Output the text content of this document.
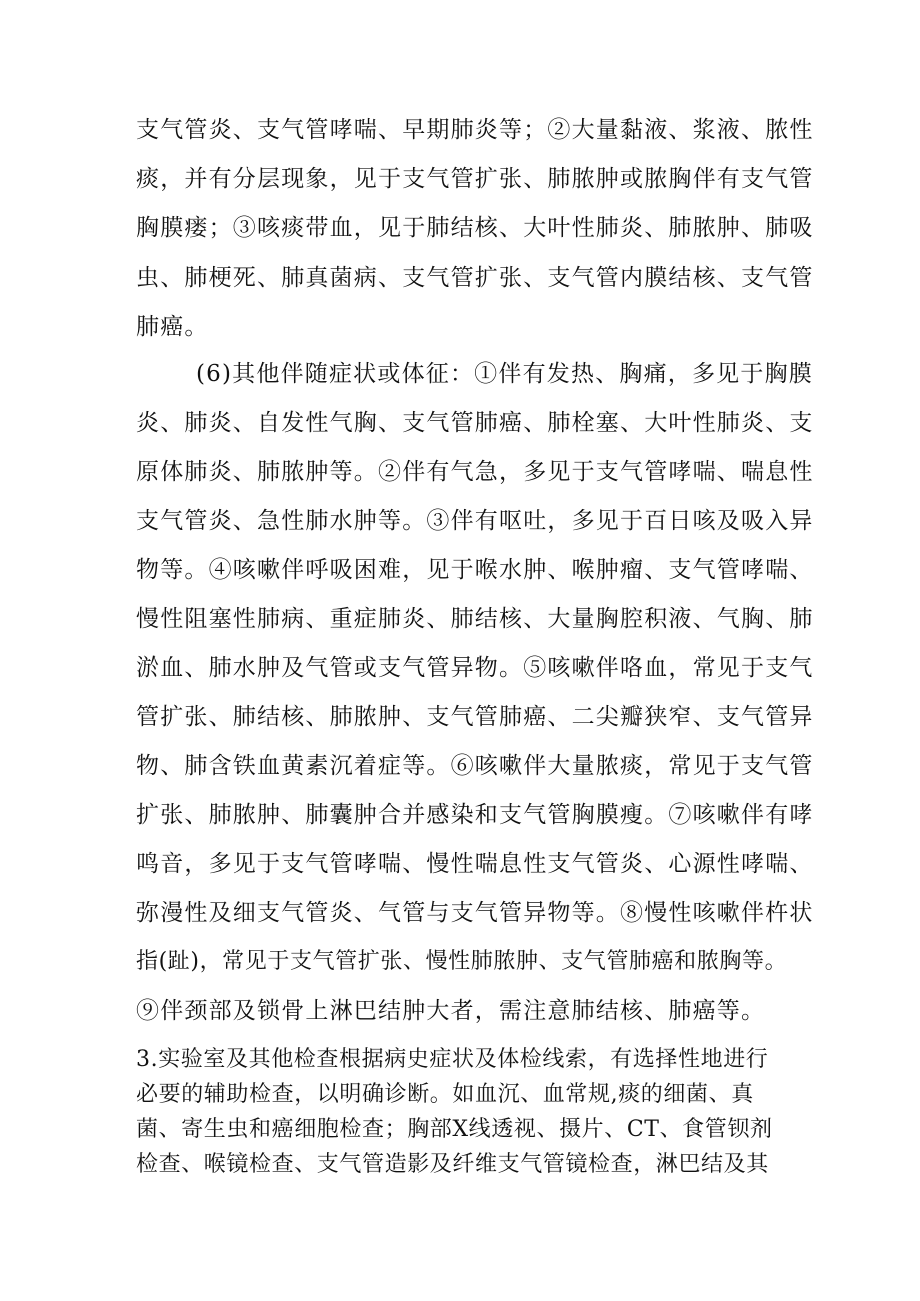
支气管炎、支气管哮喘、早期肺炎等；②大量黏液、浆液、脓性
痰，并有分层现象，见于支气管扩张、肺脓肿或脓胸伴有支气管
胸膜瘘；③咳痰带血，见于肺结核、大叶性肺炎、肺脓肿、肺吸
虫、肺梗死、肺真菌病、支气管扩张、支气管内膜结核、支气管
肺癌。
(6)其他伴随症状或体征：①伴有发热、胸痛，多见于胸膜
炎、肺炎、自发性气胸、支气管肺癌、肺栓塞、大叶性肺炎、支
原体肺炎、肺脓肿等。②伴有气急，多见于支气管哮喘、喘息性
支气管炎、急性肺水肿等。③伴有呕吐，多见于百日咳及吸入异
物等。④咳嗽伴呼吸困难，见于喉水肿、喉肿瘤、支气管哮喘、
慢性阻塞性肺病、重症肺炎、肺结核、大量胸腔积液、气胸、肺
淤血、肺水肿及气管或支气管异物。⑤咳嗽伴咯血，常见于支气
管扩张、肺结核、肺脓肿、支气管肺癌、二尖瓣狭窄、支气管异
物、肺含铁血黄素沉着症等。⑥咳嗽伴大量脓痰，常见于支气管
扩张、肺脓肿、肺囊肿合并感染和支气管胸膜瘦。⑦咳嗽伴有哮
鸣音，多见于支气管哮喘、慢性喘息性支气管炎、心源性哮喘、
弥漫性及细支气管炎、气管与支气管异物等。⑧慢性咳嗽伴杵状
指(趾)，常见于支气管扩张、慢性肺脓肿、支气管肺癌和脓胸等。
⑨伴颈部及锁骨上淋巴结肿大者，需注意肺结核、肺癌等。
3.实验室及其他检查根据病史症状及体检线索，有选择性地进行
必要的辅助检查，以明确诊断。如血沉、血常规,痰的细菌、真
菌、寄生虫和癌细胞检查；胸部X线透视、摄片、CT、食管钡剂
检查、喉镜检查、支气管造影及纤维支气管镜检查，淋巴结及其
